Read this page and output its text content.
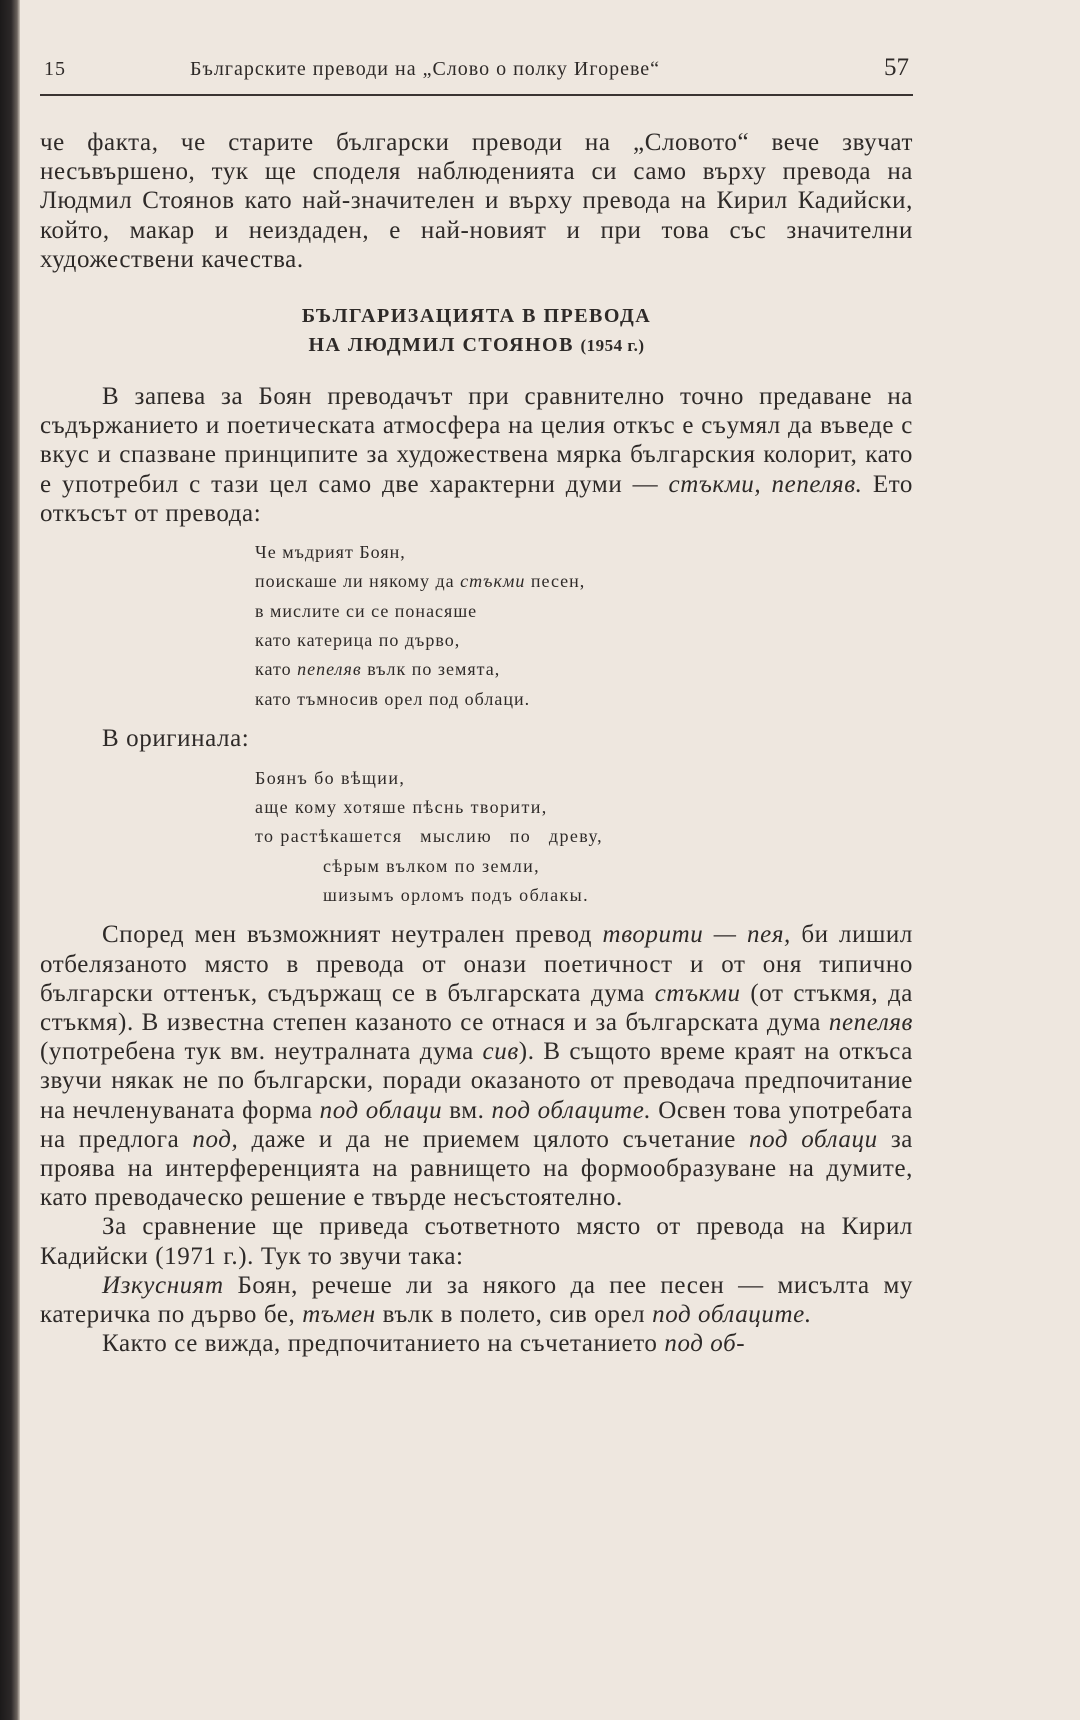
15	Българските преводи на „Слово о полку Игореве“	57

че факта, че старите български преводи на „Словото“ вече звучат несъвършено, тук ще споделя наблюденията си само върху превода на Людмил Стоянов като най-значителен и върху превода на Кирил Кадийски, който, макар и неиздаден, е най-новият и при това със значителни художествени качества.

БЪЛГАРИЗАЦИЯТА В ПРЕВОДА
НА ЛЮДМИЛ СТОЯНОВ (1954 г.)

В запева за Боян преводачът при сравнително точно предаване на съдържанието и поетическата атмосфера на целия откъс е съумял да въведе с вкус и спазване принципите за художествена мярка българския колорит, като е употребил с тази цел само две характерни думи — стъкми, пепеляв. Ето откъсът от превода:

Че мъдрият Боян,
поискаше ли някому да стъкми песен,
в мислите си се понасяше
като катерица по дърво,
като пепеляв вълк по земята,
като тъмносив орел под облаци.
В оригинала:
Боянъ бо вѣщии,
аще кому хотяше пѣснь творити,
то растѣкашется   мыслию   по   древу,
сѣрым вълком по земли,
шизымъ орломъ подъ облакы.

Според мен възможният неутрален превод творити — пея, би лишил отбелязаното място в превода от онази поетичност и от оня типично български оттенък, съдържащ се в българската дума стъкми (от стъкмя, да стъкмя). В известна степен казаното се отнася и за българската дума пепеляв (употребена тук вм. неутралната дума сив). В същото време краят на откъса звучи някак не по български, поради оказаното от преводача предпочитание на нечленуваната форма под облаци вм. под облаците. Освен това употребата на предлога под, даже и да не приемем цялото съчетание под облаци за проява на интерференцията на равнището на формообразуване на думите, като преводаческо решение е твърде несъстоятелно.

За сравнение ще приведа съответното място от превода на Кирил Кадийски (1971 г.). Тук то звучи така:

Изкусният Боян, речеше ли за някого да пее песен — мисълта му катеричка по дърво бе, тъмен вълк в полето, сив орел под облаците.

Както се вижда, предпочитанието на съчетанието под об-
